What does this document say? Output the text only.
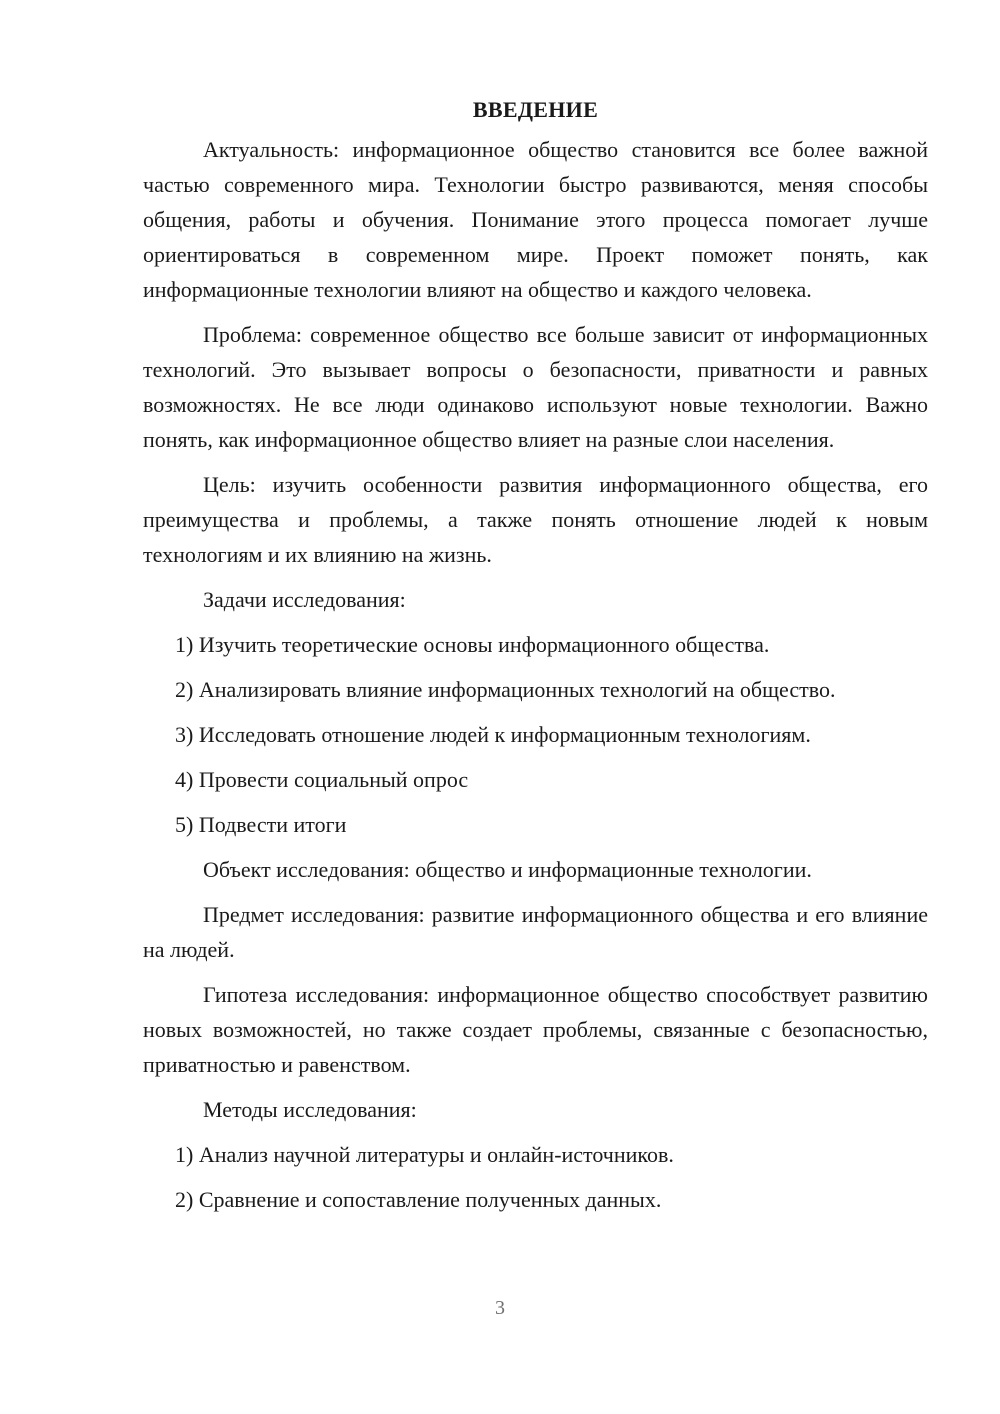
ВВЕДЕНИЕ

Актуальность: информационное общество становится все более важной частью современного мира. Технологии быстро развиваются, меняя способы общения, работы и обучения. Понимание этого процесса помогает лучше ориентироваться в современном мире. Проект поможет понять, как информационные технологии влияют на общество и каждого человека.

Проблема: современное общество все больше зависит от информационных технологий. Это вызывает вопросы о безопасности, приватности и равных возможностях. Не все люди одинаково используют новые технологии. Важно понять, как информационное общество влияет на разные слои населения.

Цель: изучить особенности развития информационного общества, его преимущества и проблемы, а также понять отношение людей к новым технологиям и их влиянию на жизнь.

Задачи исследования:

1) Изучить теоретические основы информационного общества.

2) Анализировать влияние информационных технологий на общество.

3) Исследовать отношение людей к информационным технологиям.

4) Провести социальный опрос

5) Подвести итоги

Объект исследования: общество и информационные технологии.

Предмет исследования: развитие информационного общества и его влияние на людей.

Гипотеза исследования: информационное общество способствует развитию новых возможностей, но также создает проблемы, связанные с безопасностью, приватностью и равенством.

Методы исследования:

1) Анализ научной литературы и онлайн-источников.

2) Сравнение и сопоставление полученных данных.

3
